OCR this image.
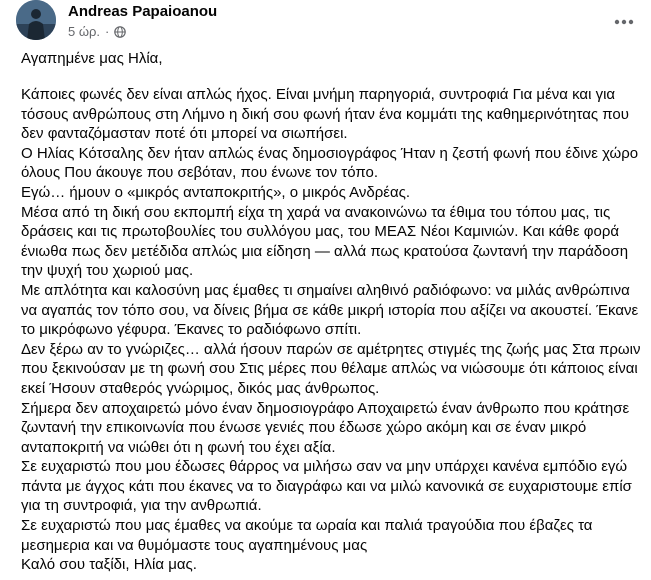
Andreas Papaioanou
5 ώρ. ·
Αγαπημένε μας Ηλία,
Κάποιες φωνές δεν είναι απλώς ήχος. Είναι μνήμη παρηγοριά, συντροφιά Για μένα και για
τόσους ανθρώπους στη Λήμνο η δική σου φωνή ήταν ένα κομμάτι της καθημερινότητας που
δεν φανταζόμασταν ποτέ ότι μπορεί να σιωπήσει.
Ο Ηλίας Κότσαλης δεν ήταν απλώς ένας δημοσιογράφος Ήταν η ζεστή φωνή που έδινε χώρο
όλους Που άκουγε που σεβόταν, που ένωνε τον τόπο.
Εγώ… ήμουν ο «μικρός ανταποκριτής», ο μικρός Ανδρέας.
Μέσα από τη δική σου εκπομπή είχα τη χαρά να ανακοινώνω τα έθιμα του τόπου μας, τις
δράσεις και τις πρωτοβουλίες του συλλόγου μας, του ΜΕΑΣ Νέοι Καμινιών. Και κάθε φορά
ένιωθα πως δεν μετέδιδα απλώς μια είδηση — αλλά πως κρατούσα ζωντανή την παράδοση
την ψυχή του χωριού μας.
Με απλότητα και καλοσύνη μας έμαθες τι σημαίνει αληθινό ραδιόφωνο: να μιλάς ανθρώπινα
να αγαπάς τον τόπο σου, να δίνεις βήμα σε κάθε μικρή ιστορία που αξίζει να ακουστεί. Έκανε
το μικρόφωνο γέφυρα. Έκανες το ραδιόφωνο σπίτι.
Δεν ξέρω αν το γνώριζες… αλλά ήσουν παρών σε αμέτρητες στιγμές της ζωής μας Στα πρωιν
που ξεκινούσαν με τη φωνή σου Στις μέρες που θέλαμε απλώς να νιώσουμε ότι κάποιος είναι
εκεί Ήσουν σταθερός γνώριμος, δικός μας άνθρωπος.
Σήμερα δεν αποχαιρετώ μόνο έναν δημοσιογράφο Αποχαιρετώ έναν άνθρωπο που κράτησε
ζωντανή την επικοινωνία που ένωσε γενιές που έδωσε χώρο ακόμη και σε έναν μικρό
ανταποκριτή να νιώθει ότι η φωνή του έχει αξία.
Σε ευχαριστώ που μου έδωσες θάρρος να μιλήσω σαν να μην υπάρχει κανένα εμπόδιο εγώ
πάντα με άγχος κάτι που έκανες να το διαγράφω και να μιλώ κανονικά σε ευχαριστουμε επίσ
για τη συντροφιά, για την ανθρωπιά.
Σε ευχαριστώ που μας έμαθες να ακούμε τα ωραία και παλιά τραγούδια που έβαζες τα
μεσημερια και να θυμόμαστε τους αγαπημένους μας
Καλό σου ταξίδι, Ηλία μας.
